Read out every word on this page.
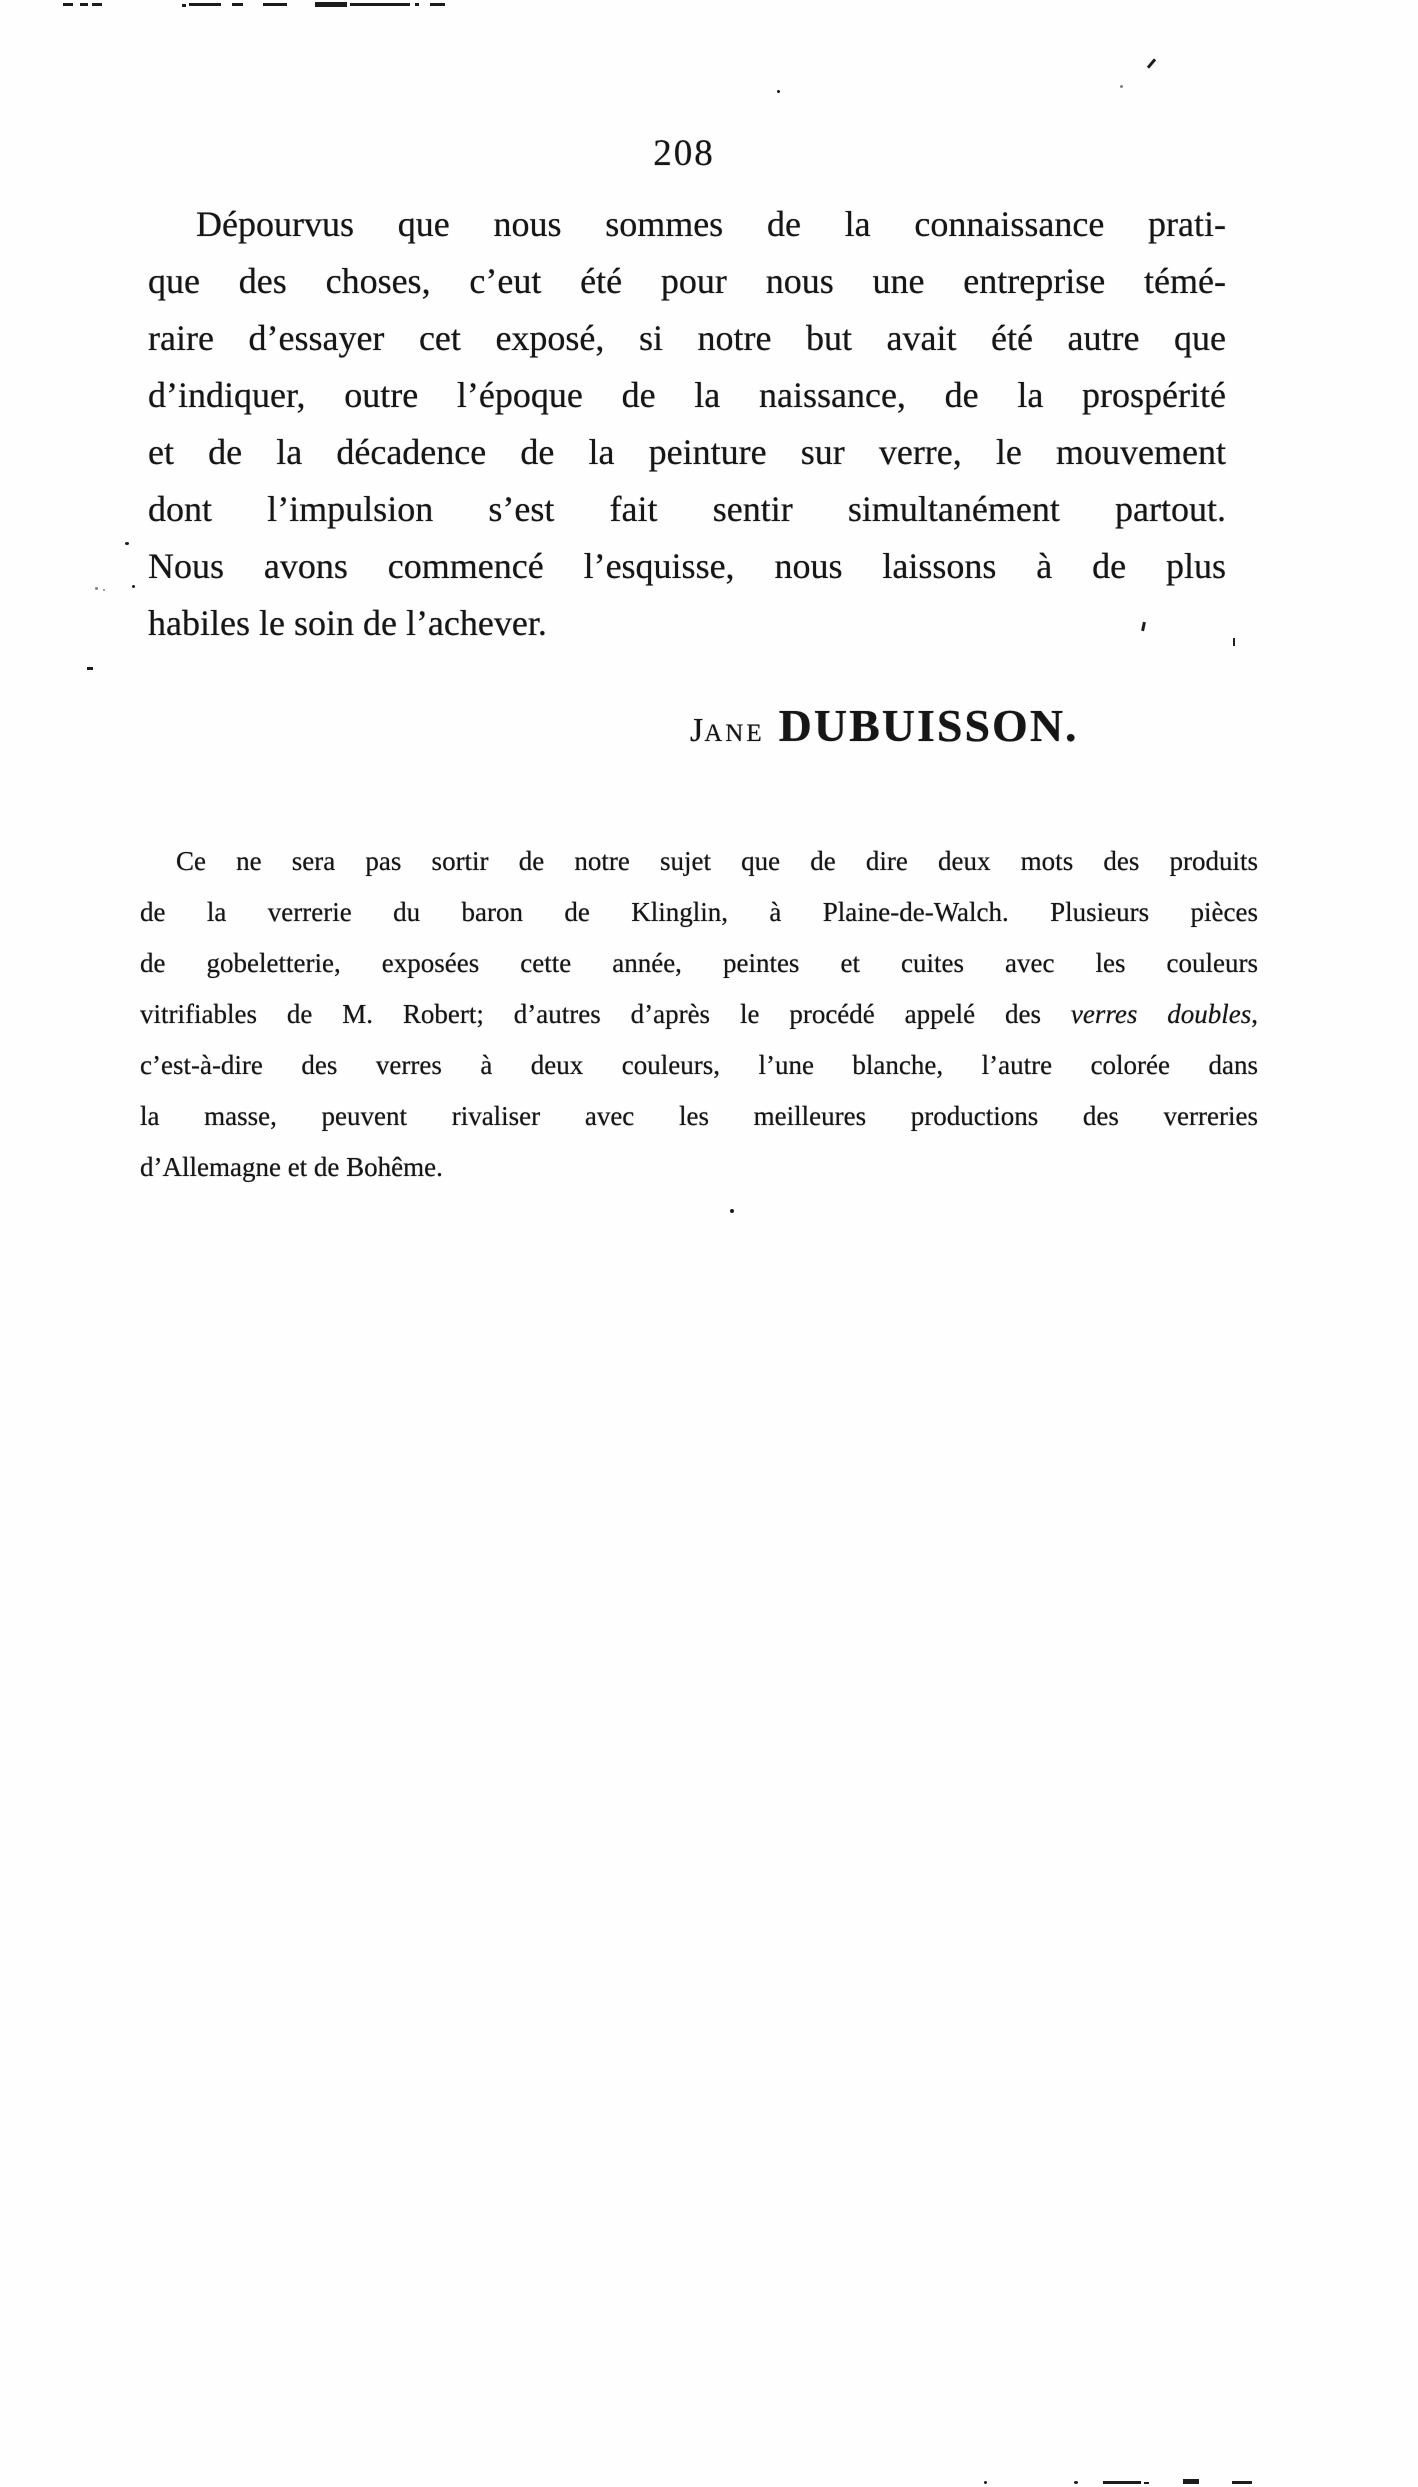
208
Dépourvus que nous sommes de la connaissance prati-
que des choses, c’eut été pour nous une entreprise témé-
raire d’essayer cet exposé, si notre but avait été autre que
d’indiquer, outre l’époque de la naissance, de la prospérité
et de la décadence de la peinture sur verre, le mouvement
dont l’impulsion s’est fait sentir simultanément partout.
Nous avons commencé l’esquisse, nous laissons à de plus
habiles le soin de l’achever.
JANE DUBUISSON.
Ce ne sera pas sortir de notre sujet que de dire deux mots des produits
de la verrerie du baron de Klinglin, à Plaine-de-Walch. Plusieurs pièces
de gobeletterie, exposées cette année, peintes et cuites avec les couleurs
vitrifiables de M. Robert; d’autres d’après le procédé appelé des verres doubles,
c’est-à-dire des verres à deux couleurs, l’une blanche, l’autre colorée dans
la masse, peuvent rivaliser avec les meilleures productions des verreries
d’Allemagne et de Bohême.
